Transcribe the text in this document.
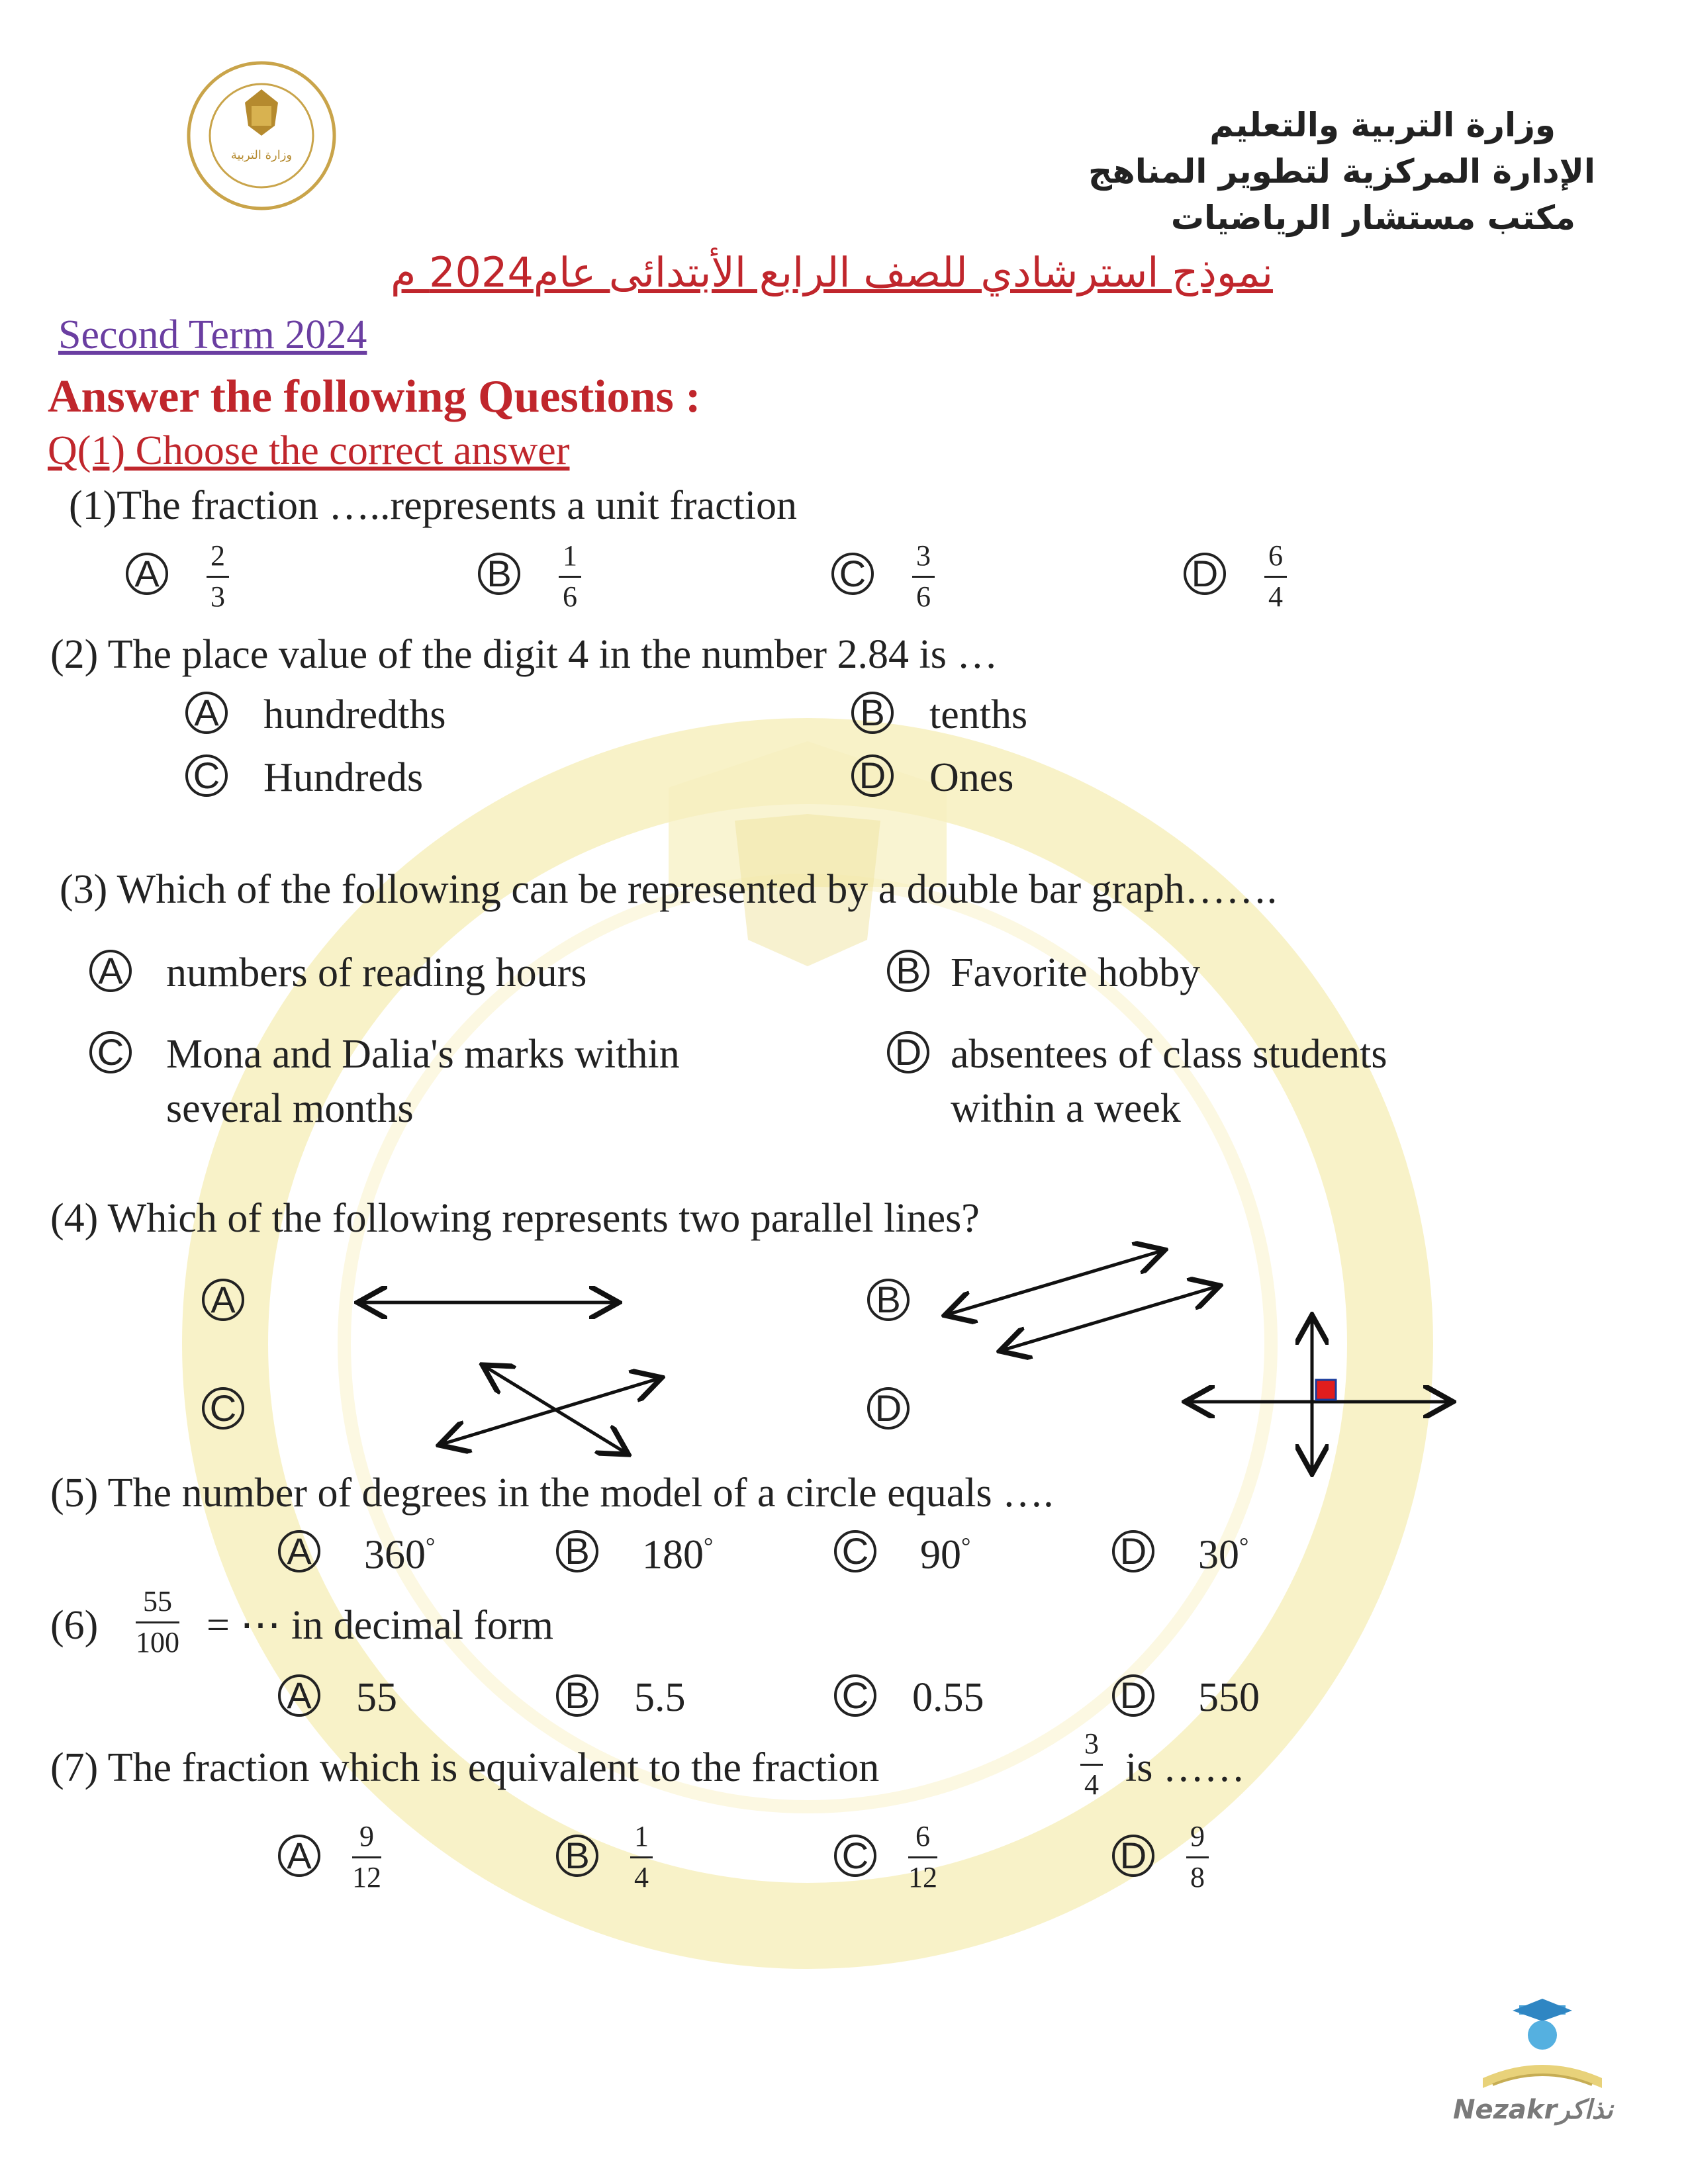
وزارة التربية
وزارة التربية والتعليم
الإدارة المركزية لتطوير المناهج
مكتب مستشار الرياضيات
نموذج استرشادي للصف الرابع الأبتدائى عام2024 م
Second Term 2024
Answer the following Questions :
Q(1) Choose the correct answer
(1)The fraction …..represents a unit fraction
A	2
3
B	1
6
C 3
6
D 6
4
(2) The place value of the digit 4 in the number 2.84 is …
A hundredths	B tenths
C Hundreds	D Ones
(3) Which of the following can be represented by a double bar graph…….
A numbers of reading hours	B Favorite hobby
C Mona and Dalia's marks within
several months
D absentees of class students
within a week
(4) Which of the following represents two parallel lines?
A	B
C	D
(5) The number of degrees in the model of a circle equals ….
A 360°	B 180°	C 90°	D 30°
(6)
55
100 = ⋯ in decimal form
A 55	B 5.5	C 0.55	D 550
(7) The fraction which is equivalent to the fraction
3
4 is ……
A	9
12
B	1
4
C 6
12
D 9
8
Nezakrنذاكر
